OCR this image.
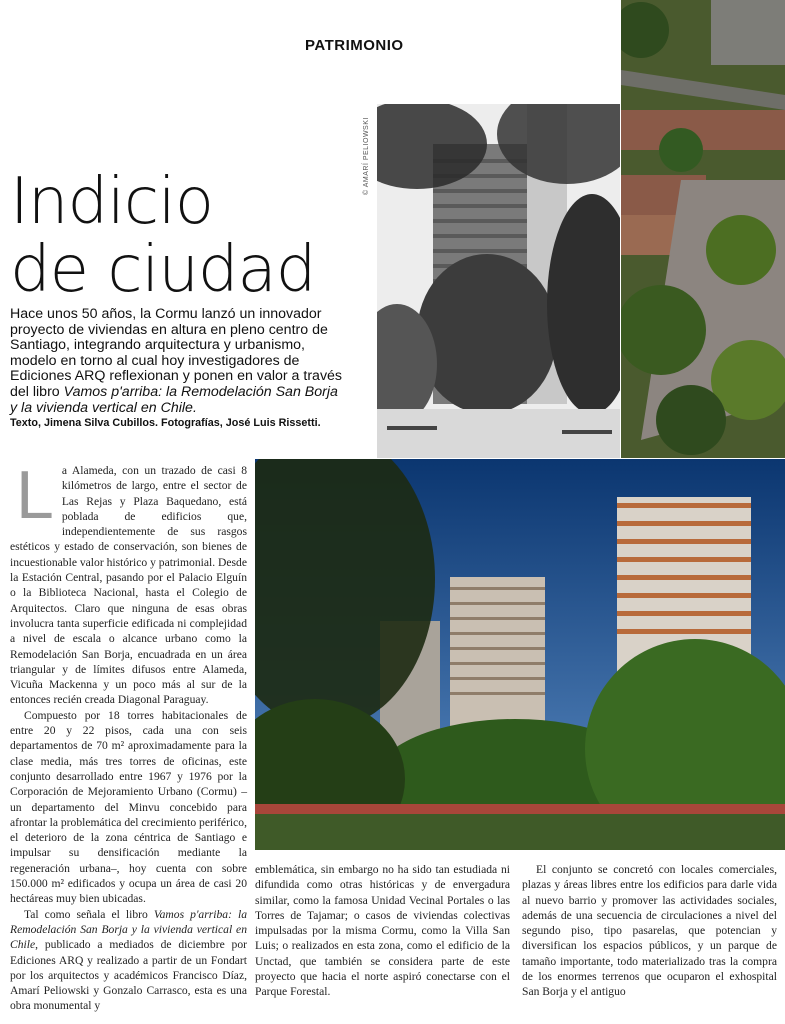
PATRIMONIO
Indicio
de ciudad
Hace unos 50 años, la Cormu lanzó un innovador proyecto de viviendas en altura en pleno centro de Santiago, integrando arquitectura y urbanismo, modelo en torno al cual hoy investigadores de Ediciones ARQ reflexionan y ponen en valor a través del libro Vamos p'arriba: la Remodelación San Borja y la vivienda vertical en Chile.
Texto, Jimena Silva Cubillos. Fotografías, José Luis Rissetti.
© AMARÍ PELIOWSKI

La Alameda, con un trazado de casi 8 kilómetros de largo, entre el sector de Las Rejas y Plaza Baquedano, está poblada de edificios que, independientemente de sus rasgos estéticos y estado de conservación, son bienes de incuestionable valor histórico y patrimonial. Desde la Estación Central, pasando por el Palacio Elguín o la Biblioteca Nacional, hasta el Colegio de Arquitectos. Claro que ninguna de esas obras involucra tanta superficie edificada ni complejidad a nivel de escala o alcance urbano como la Remodelación San Borja, encuadrada en un área triangular y de límites difusos entre Alameda, Vicuña Mackenna y un poco más al sur de la entonces recién creada Diagonal Paraguay.

Compuesto por 18 torres habitacionales de entre 20 y 22 pisos, cada una con seis departamentos de 70 m² aproximadamente para la clase media, más tres torres de oficinas, este conjunto desarrollado entre 1967 y 1976 por la Corporación de Mejoramiento Urbano (Cormu) –un departamento del Minvu concebido para afrontar la problemática del crecimiento periférico, el deterioro de la zona céntrica de Santiago e impulsar su densificación mediante la regeneración urbana–, hoy cuenta con sobre 150.000 m² edificados y ocupa un área de casi 20 hectáreas muy bien ubicadas.

Tal como señala el libro Vamos p'arriba: la Remodelación San Borja y la vivienda vertical en Chile, publicado a mediados de diciembre por Ediciones ARQ y realizado a partir de un Fondart por los arquitectos y académicos Francisco Díaz, Amarí Peliowski y Gonzalo Carrasco, esta es una obra monumental y

emblemática, sin embargo no ha sido tan estudiada ni difundida como otras históricas y de envergadura similar, como la famosa Unidad Vecinal Portales o las Torres de Tajamar; o casos de viviendas colectivas impulsadas por la misma Cormu, como la Villa San Luis; o realizados en esta zona, como el edificio de la Unctad, que también se considera parte de este proyecto que hacia el norte aspiró conectarse con el Parque Forestal.

El conjunto se concretó con locales comerciales, plazas y áreas libres entre los edificios para darle vida al nuevo barrio y promover las actividades sociales, además de una secuencia de circulaciones a nivel del segundo piso, tipo pasarelas, que potencian y diversifican los espacios públicos, y un parque de tamaño importante, todo materializado tras la compra de los enormes terrenos que ocuparon el exhospital San Borja y el antiguo
